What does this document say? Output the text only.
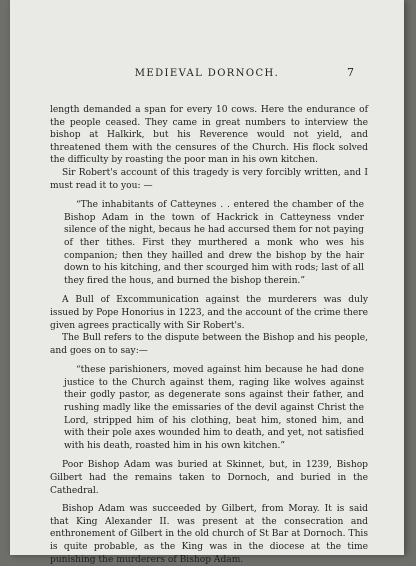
MEDIEVAL DORNOCH.	7

length demanded a span for every 10 cows. Here the endurance of the people ceased. They came in great numbers to interview the bishop at Halkirk, but his Reverence would not yield, and threatened them with the censures of the Church. His flock solved the difficulty by roasting the poor man in his own kitchen.

Sir Robert's account of this tragedy is very forcibly written, and I must read it to you: —

“The inhabitants of Catteynes . . entered the chamber of the Bishop Adam in the town of Hackrick in Catteyness vnder silence of the night, becaus he had accursed them for not paying of ther tithes. First they murthered a monk who wes his companion; then they hailled and drew the bishop by the hair down to his kitching, and ther scourged him with rods; last of all they fired the hous, and burned the bishop therein.”

A Bull of Excommunication against the murderers was duly issued by Pope Honorius in 1223, and the account of the crime there given agrees practically with Sir Robert's.

The Bull refers to the dispute between the Bishop and his people, and goes on to say:—

“these parishioners, moved against him because he had done justice to the Church against them, raging like wolves against their godly pastor, as degenerate sons against their father, and rushing madly like the emissaries of the devil against Christ the Lord, stripped him of his clothing, beat him, stoned him, and with their pole axes wounded him to death, and yet, not satisfied with his death, roasted him in his own kitchen.”

Poor Bishop Adam was buried at Skinnet, but, in 1239, Bishop Gilbert had the remains taken to Dornoch, and buried in the Cathedral.

Bishop Adam was succeeded by Gilbert, from Moray. It is said that King Alexander II. was present at the consecration and enthronement of Gilbert in the old church of St Bar at Dornoch. This is quite probable, as the King was in the diocese at the time punishing the murderers of Bishop Adam.
